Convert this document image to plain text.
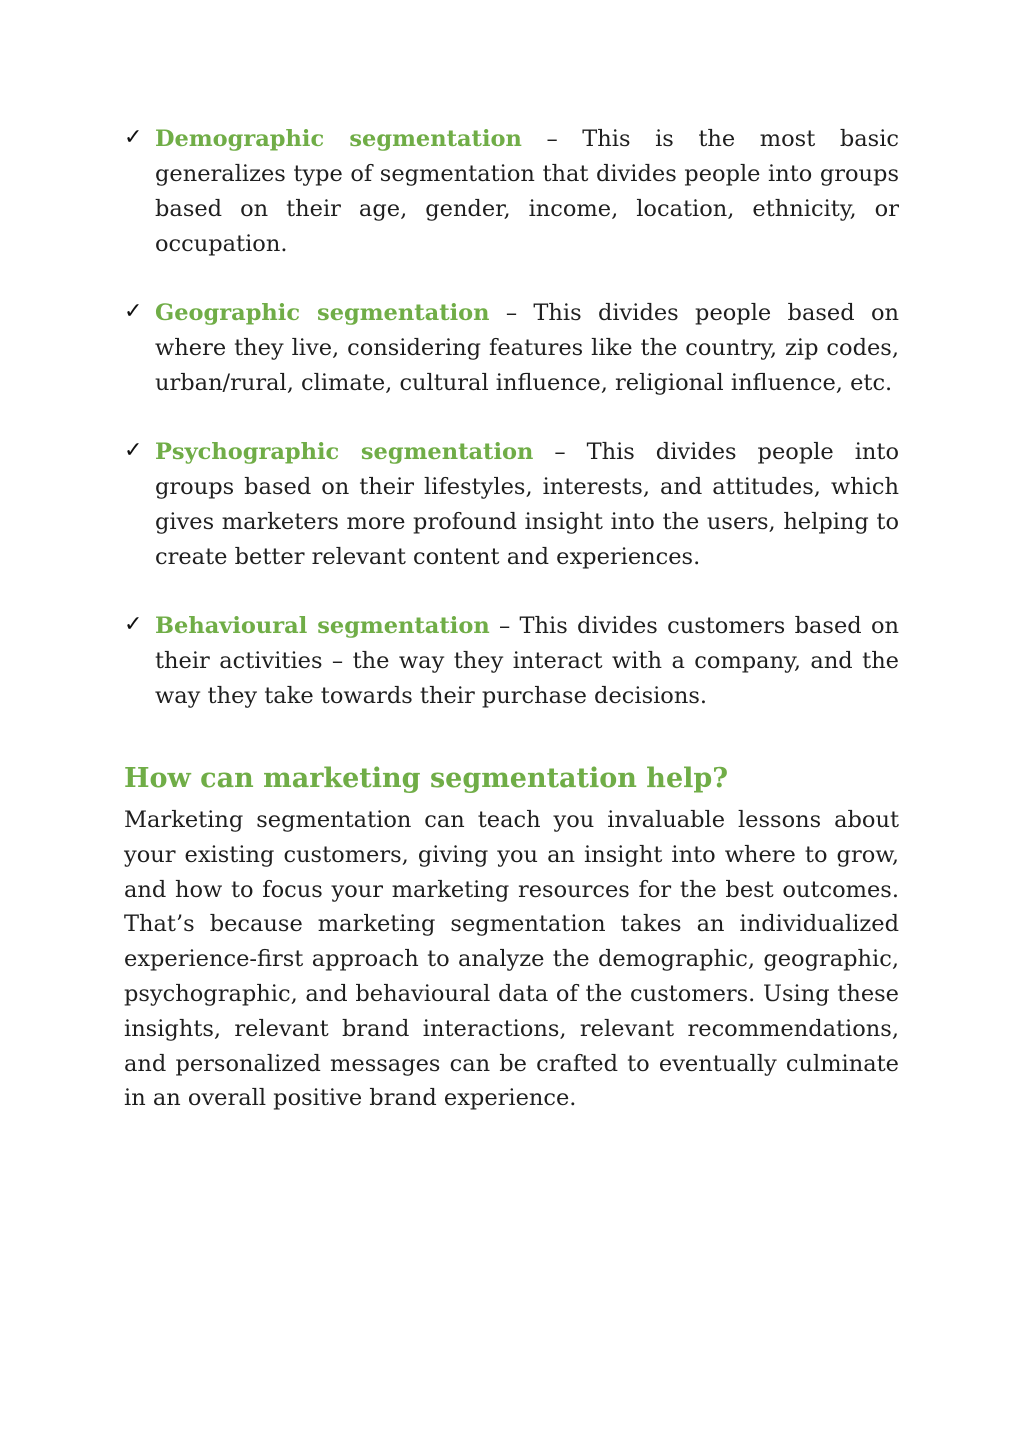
✓ Demographic segmentation – This is the most basic generalizes type of segmentation that divides people into groups based on their age, gender, income, location, ethnicity, or occupation.
✓ Geographic segmentation – This divides people based on where they live, considering features like the country, zip codes, urban/rural, climate, cultural influence, religional influence, etc.
✓ Psychographic segmentation – This divides people into groups based on their lifestyles, interests, and attitudes, which gives marketers more profound insight into the users, helping to create better relevant content and experiences.
✓ Behavioural segmentation – This divides customers based on their activities – the way they interact with a company, and the way they take towards their purchase decisions.
How can marketing segmentation help?

Marketing segmentation can teach you invaluable lessons about your existing customers, giving you an insight into where to grow, and how to focus your marketing resources for the best outcomes. That’s because marketing segmentation takes an individualized experience-first approach to analyze the demographic, geographic, psychographic, and behavioural data of the customers. Using these insights, relevant brand interactions, relevant recommendations, and personalized messages can be crafted to eventually culminate in an overall positive brand experience.
